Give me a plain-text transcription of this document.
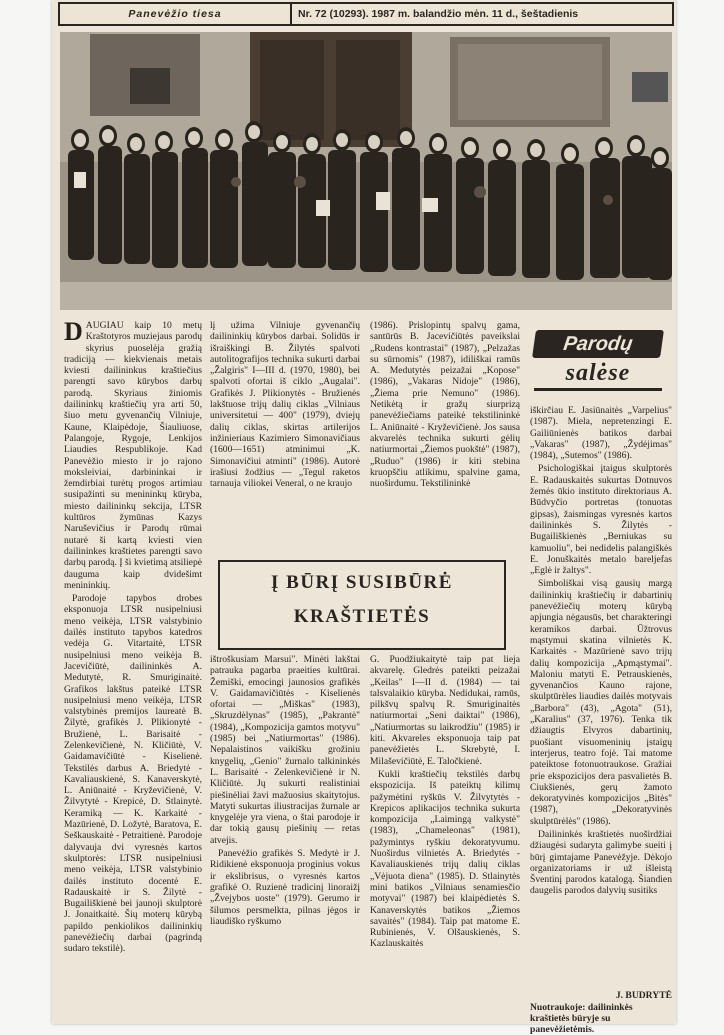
Panevėžio tiesa	Nr. 72 (10293). 1987 m. balandžio mėn. 11 d., šeštadienis

DAUGIAU kaip 10 metų Kraštotyros muziejaus parodų skyrius puoselėja gražią tradiciją — kiekvienais metais kviesti dailininkus kraštiečius parengti savo kūrybos darbų parodą. Skyriaus žiniomis dailininkų kraštiečių yra arti 50, šiuo metu gyvenančių Vilniuje, Kaune, Klaipėdoje, Šiauliuose, Palangoje, Rygoje, Lenkijos Liaudies Respublikoje. Kad Panevėžio miesto ir jo rajono moksleiviai, darbininkai ir žemdirbiai turėtų progos artimiau susipažinti su menininkų kūryba, miesto dailininkų sekcija, LTSR kultūros žymūnas Kazys Naruševičius ir Parodų rūmai nutarė ši kartą kviesti vien dailininkes kraštietes parengti savo darbų parodą. Į ši kvietimą atsiliepė dauguma kaip dvidešimt menininkių.

Parodoje tapybos drobes eksponuoja LTSR nusipelniusi meno veikėja, LTSR valstybinio dailės instituto tapybos katedros vedėja G. Vitartaitė, LTSR nusipelniusi meno veikėja B. Jacevičiūtė, dailininkės A. Medutytė, R. Smuriginaitė. Grafikos lakštus pateikė LTSR nusipelniusi meno veikėja, LTSR valstybinės premijos laureatė B. Žilytė, grafikės J. Plikionytė - Bružienė, L. Barisaitė - Zelenkevičienė, N. Kličiūtė, V. Gaidamavičiūtė - Kiselienė. Tekstilės darbus A. Briedytė - Kavaliauskienė, S. Kanaverskytė, L. Aniūnaitė - Kryževičienė, V. Žilvytytė - Krepicė, D. Stlainytė. Keramiką — K. Karkaitė - Mazūrienė, D. Ložytė, Baratova, E. Seškauskaitė - Petraitienė. Parodoje dalyvauja dvi vyresnės kartos skulptorės: LTSR nusipelniusi meno veikėja, LTSR valstybinio dailės instituto docentė E. Radauskaitė ir S. Žilytė - Bugailiškienė bei jaunoji skulptorė J. Jonaitkaitė. Šių moterų kūrybą papildo penkiolikos dailininkių panevėžiečių darbai (pagrindą sudaro tekstilė).

lį užima Vilniuje gyvenančių dailininkių kūrybos darbai. Solidūs ir išraiškingi B. Žilytės spalvoti autolitografijos technika sukurti darbai „Žalgiris" I—III d. (1970, 1980), bei spalvoti ofortai iš ciklo „Augalai". Grafikės J. Plikionytės - Bružienės lakštuose trijų dalių ciklas „Vilniaus universitetui — 400" (1979), dviejų dalių ciklas, skirtas artilerijos inžinieriaus Kazimiero Simonavičiaus (1600—1651) atminimui „K. Simonavičiui atminti" (1986). Autorė irašiusi žodžius — „Tegul raketos tarnauja viliokei Veneral, o ne kraujo

(1986). Prislopintų spalvų gama, santūrūs B. Jacevičiūtės paveikslai „Rudens kontrastai" (1987), „Pelzažas su sūrnomis" (1987), idiliškai ramūs A. Medutytės peizažai „Kopose" (1986), „Vakaras Nidoje" (1986), „Žiema prie Nemuno" (1986). Netikėtą ir gražų siurprizą panevėžiečiams pateikė tekstilininkė L. Aniūnaitė - Kryževičienė. Jos sausa akvarelės technika sukurti gėlių natiurmortai „Žiemos puokštė" (1987), „Ruduo" (1986) ir kiti stebina kruopščiu atlikimu, spalvine gama, nuoširdumu. Tekstilininkė

Į BŪRĮ SUSIBŪRĖ
KRAŠTIETĖS

ištroškusiam Marsui". Minėti lakštai patrauka pagarba praeities kultūrai. Žemiški, emocingi jaunosios grafikės V. Gaidamavičiūtės - Kiselienės ofortai — „Miškas" (1983), „Skruzdėlynas" (1985), „Pakrantė" (1984), „Kompozicija gamtos motyvu" (1985) bei „Natiurmortas" (1986). Nepalaistinos vaikišku grožiniu knygelių, „Genio" žurnalo talkininkės L. Barisaitė - Zelenkevičienė ir N. Kličiūtė. Jų sukurti realistiniai piešinėliai žavi mažuosius skaitytojus. Matyti sukurtas iliustracijas žurnale ar knygelėje yra viena, o štai parodoje ir dar tokią gausų piešinių — retas atvejis.

Panevėžio grafikės S. Medytė ir J. Ridikienė eksponuoja proginius vokus ir ekslibrisus, o vyresnės kartos grafikė O. Ruzienė tradicinį linoraižį „Žvejybos uoste" (1979). Gerumo ir šilumos persmelkta, pilnas jėgos ir liaudiško ryškumo

G. Puodžiukaitytė taip pat lieja akvarelę. Gledrės pateikti peizažai „Keilas" I—II d. (1984) — tai talsvalaikio kūryba. Nedidukai, ramūs, pilkšvų spalvų R. Smuriginaitės natiurmortai „Seni daiktai" (1986), „Natiurmortas su laikrodžiu" (1985) ir kiti. Akvareles eksponuoja taip pat panevėžietės L. Skrebytė, I. Milaševičiūtė, E. Taločkienė.

Kukli kraštiečių tekstilės darbų ekspozicija. Iš pateiktų kilimų pažymėtini ryškūs V. Žilvytytės - Krepicos aplikacijos technika sukurta kompozicija „Laimingą valkystė" (1983), „Chameleonas" (1981), pažymintys ryškiu dekoratyvumu. Nuoširdus vilnietės A. Briedytės - Kavaliauskienės trijų dalių ciklas „Vėjuota diena" (1985). D. Stlainytės mini batikos „Vilniaus senamiesčio motyvai" (1987) bei klaipėdietės S. Kanaverskytės batikos „Žiemos savaitės" (1984). Taip pat matome E. Rubinienės, V. Olšauskienės, S. Kazlauskaitės

Parodų
salėse

iškirčiau E. Jasiūnaitės „Varpelius" (1987). Miela, nepretenzingi E. Gailiūnienės batikos darbai „Vakaras" (1987), „Žydėjimas" (1984), „Sutemos" (1986).

Psichologiškai įtaigus skulptorės E. Radauskaitės sukurtas Dotnuvos žemės ūkio instituto direktoriaus A. Būdvyčio portretas (tonuotas gipsas), žaismingas vyresnės kartos dailininkės S. Žilytės - Bugailiškienės „Berniukas su kamuoliu", bei nedidelis palangiškės E. Jonuškaitės metalo bareljefas „Eglė ir žaltys".

Simboliškai visą gausių margą dailininkių kraštiečių ir dabartinių panevėžiečių moterų kūrybą apjungia nėgausūs, bet charakteringi keramikos darbai. Ūžtrovus mąstymui skatina vilnietės K. Karkaitės - Mazūrienė savo trijų dalių kompozicija „Apmąstymai". Maloniu matyti E. Petrauskienės, gyvenančios Kauno rajone, skulptūrėles liaudies dailės motyvais „Barbora" (43), „Agota" (51), „Karalius" (37, 1976). Tenka tik džiaugtis Elvyros dabartinių, puošiant visuomeninių įstaigų interjerus, teatro fojė. Tai matome pateiktose fotonuotraukose. Gražiai prie ekspozicijos dera pasvalietės B. Ciukšienės, gerų žamoto dekoratyvinės kompozicijos „Bitės" (1987), „Dekoratyvinės skulptūrėlės" (1986).

Dailininkės kraštietės nuoširdžiai džiaugėsi sudaryta galimybe sueiti į būrį gimtajame Panevėžyje. Dėkojo organizatoriams ir už išleistą Šventinį parodos katalogą. Šiandien daugelis parodos dalyvių susitiks

J. BUDRYTĖ
Nuotraukoje: dailininkės kraštietės būryje su panevėžietėmis.
